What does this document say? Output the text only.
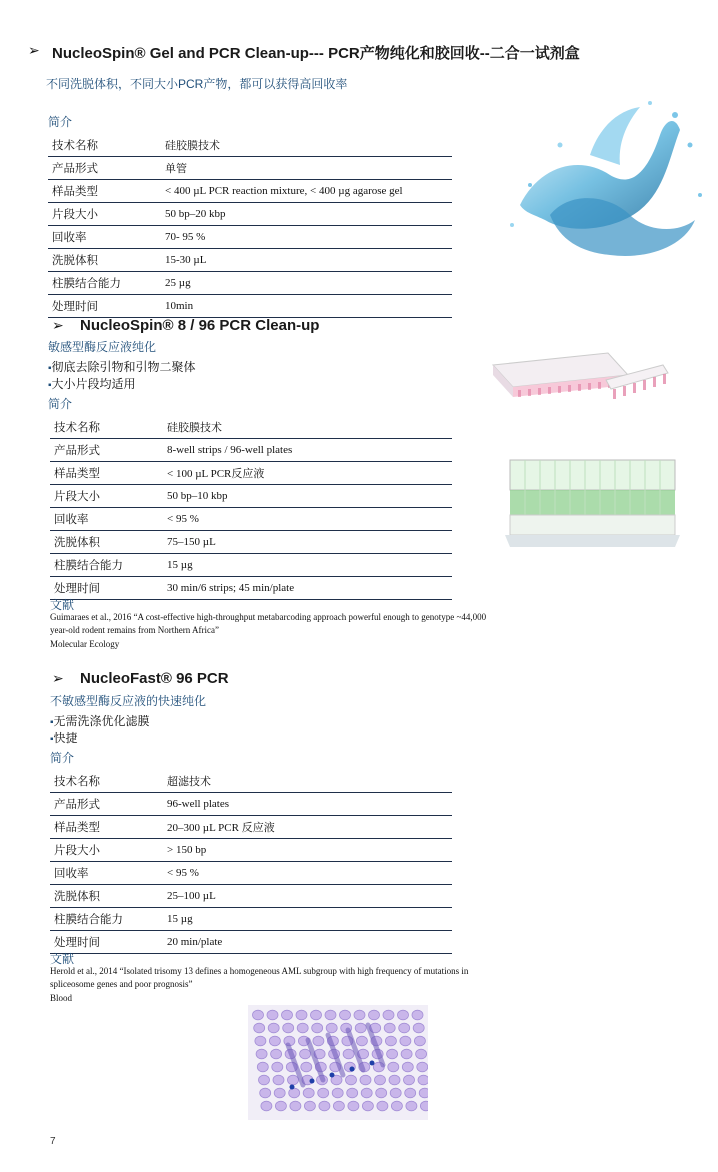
➢ NucleoSpin® Gel and PCR Clean-up--- PCR产物纯化和胶回收--二合一试剂盒
不同洗脱体积，不同大小PCR产物，都可以获得高回收率
简介
技术名称	硅胶膜技术
产品形式	单管
样品类型	< 400 µL PCR reaction mixture, < 400 µg agarose gel
片段大小	50 bp–20 kbp
回收率	70- 95 %
洗脱体积	15-30 µL
柱膜结合能力	25 µg
处理时间	10min
➢ NucleoSpin® 8 / 96 PCR Clean-up
敏感型酶反应液纯化
▪彻底去除引物和引物二聚体
▪大小片段均适用
简介
技术名称	硅胶膜技术
产品形式	8-well strips / 96-well plates
样品类型	< 100 µL PCR反应液
片段大小	50 bp–10 kbp
回收率	< 95 %
洗脱体积	75–150 µL
柱膜结合能力	15 µg
处理时间	30 min/6 strips; 45 min/plate
文献
Guimaraes et al., 2016 “A cost-effective high-throughput metabarcoding approach powerful enough to genotype ~44,000
year-old rodent remains from Northern Africa”
Molecular Ecology
➢ NucleoFast® 96 PCR
不敏感型酶反应液的快速纯化
▪无需洗涤优化滤膜
▪快捷
简介
技术名称	超滤技术
产品形式	96-well plates
样品类型	20–300 µL PCR 反应液
片段大小	> 150 bp
回收率	< 95 %
洗脱体积	25–100 µL
柱膜结合能力	15 µg
处理时间	20 min/plate
文献
Herold et al., 2014 “Isolated trisomy 13 defines a homogeneous AML subgroup with high frequency of mutations in
spliceosome genes and poor prognosis”
Blood
7
